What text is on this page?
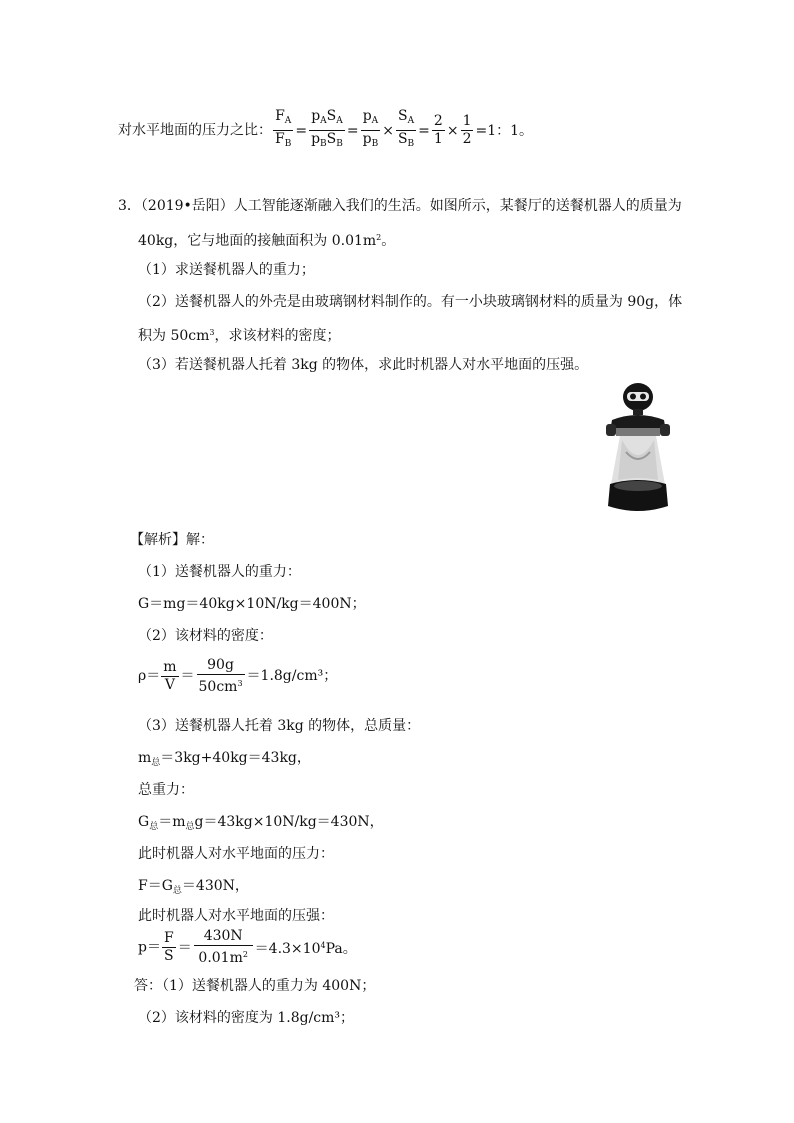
对水平地面的压力之比： $\frac{F_A}{F_B} = \frac{p_AS_A}{p_BS_B} = \frac{p_A}{p_B} \times \frac{S_A}{S_B} = \frac{2}{1} \times \frac{1}{2} =1$：1。
3．（2019•岳阳）人工智能逐渐融入我们的生活。如图所示，某餐厅的送餐机器人的质量为
40kg，它与地面的接触面积为 $0.01m^2$。
（1）求送餐机器人的重力；
（2）送餐机器人的外壳是由玻璃钢材料制作的。有一小块玻璃钢材料的质量为 90g，体
积为 $50cm^3$，求该材料的密度；
（3）若送餐机器人托着 3kg 的物体，求此时机器人对水平地面的压强。
【解析】解：
（1）送餐机器人的重力：
G＝mg＝40kg×10N/kg＝400N；
（2）该材料的密度：
$\rho= \frac{m}{V} = \frac{90g}{50cm^3} =1.8g/cm^3$；
（3）送餐机器人托着 3kg 的物体，总质量：
$m_总=3kg+40kg=43kg$，
总重力：
$G_总=m_总g=43kg\times 10N/kg=430N$，
此时机器人对水平地面的压力：
$F=G_总=430N$，
此时机器人对水平地面的压强：
$p= \frac{F}{S} = \frac{430N}{0.01m^2} =4.3\times 10^4Pa$。
答：（1）送餐机器人的重力为 400N；
（2）该材料的密度为 1.8g/cm³；
